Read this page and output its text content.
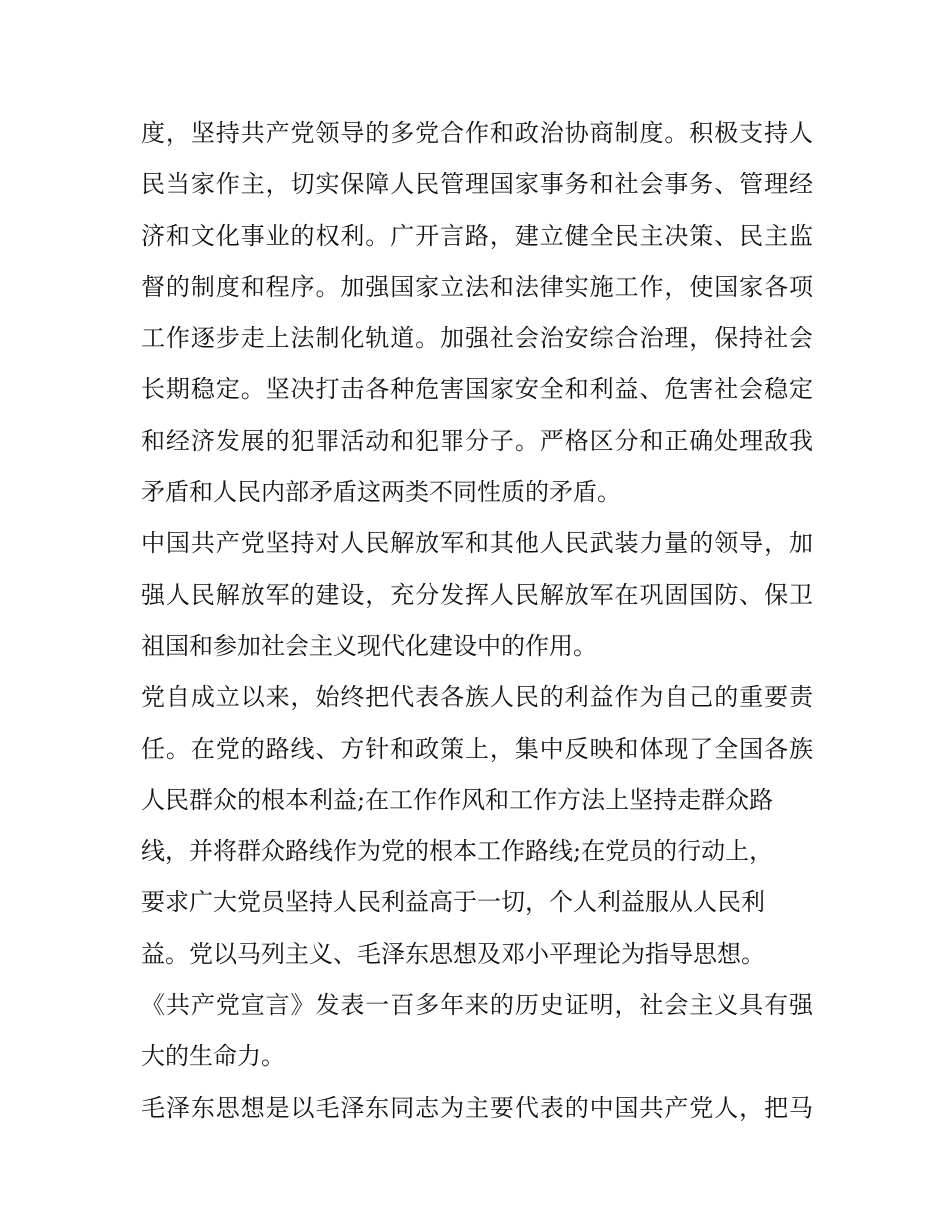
度，坚持共产党领导的多党合作和政治协商制度。积极支持人
民当家作主，切实保障人民管理国家事务和社会事务、管理经
济和文化事业的权利。广开言路，建立健全民主决策、民主监
督的制度和程序。加强国家立法和法律实施工作，使国家各项
工作逐步走上法制化轨道。加强社会治安综合治理，保持社会
长期稳定。坚决打击各种危害国家安全和利益、危害社会稳定
和经济发展的犯罪活动和犯罪分子。严格区分和正确处理敌我
矛盾和人民内部矛盾这两类不同性质的矛盾。
中国共产党坚持对人民解放军和其他人民武装力量的领导，加
强人民解放军的建设，充分发挥人民解放军在巩固国防、保卫
祖国和参加社会主义现代化建设中的作用。
党自成立以来，始终把代表各族人民的利益作为自己的重要责
任。在党的路线、方针和政策上，集中反映和体现了全国各族
人民群众的根本利益;在工作作风和工作方法上坚持走群众路
线，并将群众路线作为党的根本工作路线;在党员的行动上，
要求广大党员坚持人民利益高于一切，个人利益服从人民利
益。党以马列主义、毛泽东思想及邓小平理论为指导思想。
《共产党宣言》发表一百多年来的历史证明，社会主义具有强
大的生命力。
毛泽东思想是以毛泽东同志为主要代表的中国共产党人，把马
